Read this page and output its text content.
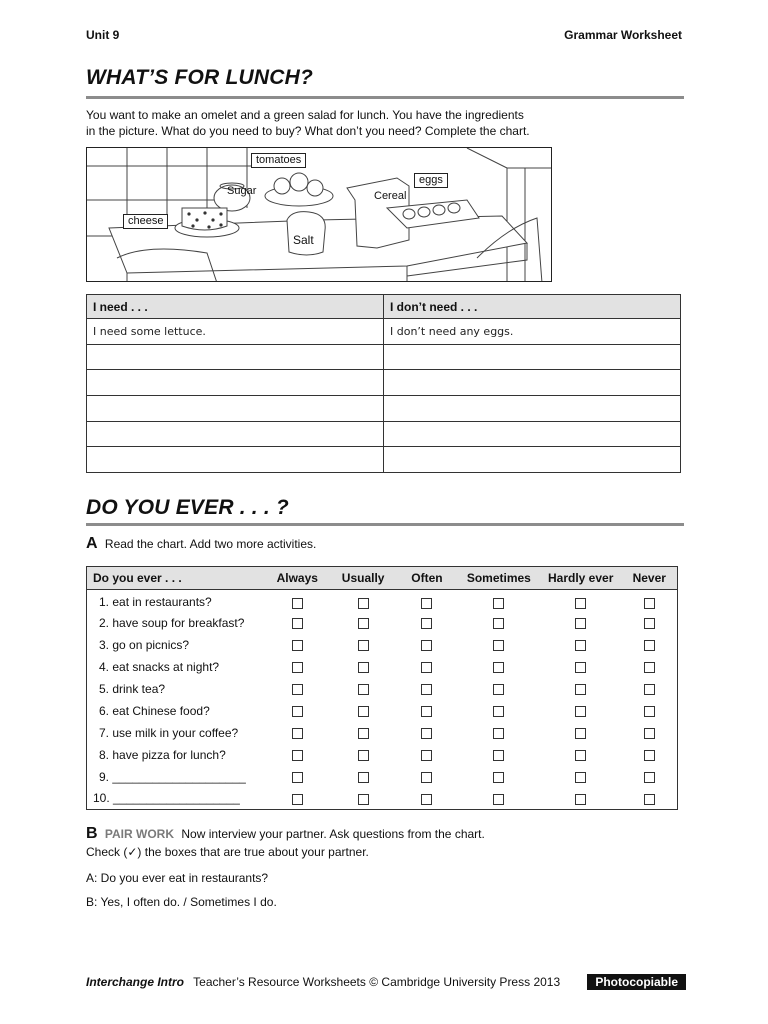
Unit 9	Grammar Worksheet
WHAT’S FOR LUNCH?
You want to make an omelet and a green salad for lunch. You have the ingredients
in the picture. What do you need to buy? What don’t you need? Complete the chart.
tomatoes
Sugar	Cereal
eggs
cheese
Salt
I need . . .	I don’t need . . .
I need some lettuce.	I don’t need any eggs.

DO YOU EVER . . . ?
A Read the chart. Add two more activities.
Do you ever . . .	Always	Usually	Often	Sometimes	Hardly ever	Never
1. eat in restaurants?						
2. have soup for breakfast?						
3. go on picnics?						
4. eat snacks at night?						
5. drink tea?						
6. eat Chinese food?						
7. use milk in your coffee?						
8. have pizza for lunch?						
9. ____________________						
10. ___________________						
B PAIR WORK Now interview your partner. Ask questions from the chart.
Check (✓) the boxes that are true about your partner.
A: Do you ever eat in restaurants?
B: Yes, I often do. / Sometimes I do.
Interchange Intro Teacher’s Resource Worksheets © Cambridge University Press 2013	Photocopiable
